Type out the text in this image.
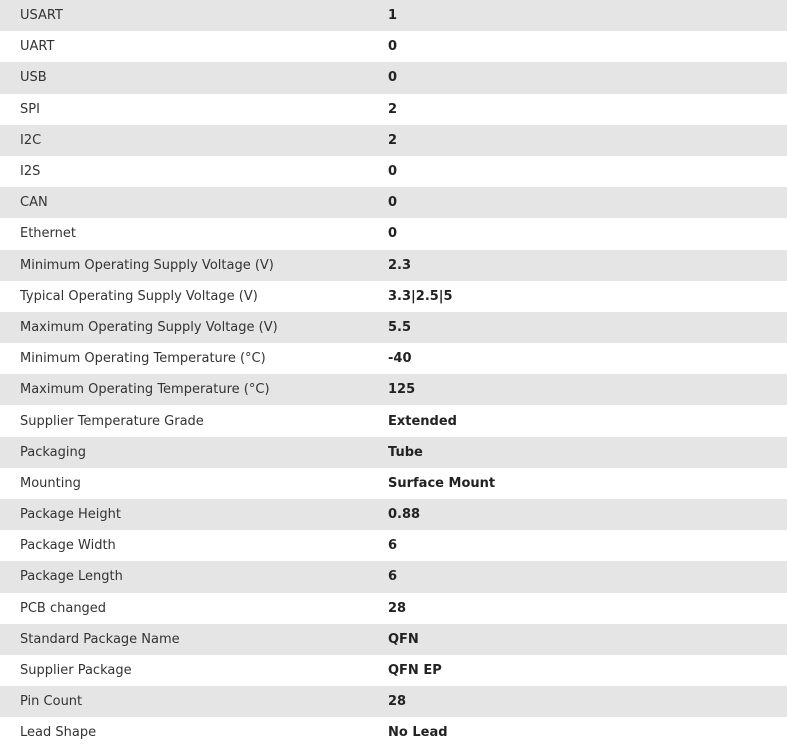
USART	1
UART	0
USB	0
SPI	2
I2C	2
I2S	0
CAN	0
Ethernet	0
Minimum Operating Supply Voltage (V)	2.3
Typical Operating Supply Voltage (V)	3.3|2.5|5
Maximum Operating Supply Voltage (V)	5.5
Minimum Operating Temperature (°C)	-40
Maximum Operating Temperature (°C)	125
Supplier Temperature Grade	Extended
Packaging	Tube
Mounting	Surface Mount
Package Height	0.88
Package Width	6
Package Length	6
PCB changed	28
Standard Package Name	QFN
Supplier Package	QFN EP
Pin Count	28
Lead Shape	No Lead
